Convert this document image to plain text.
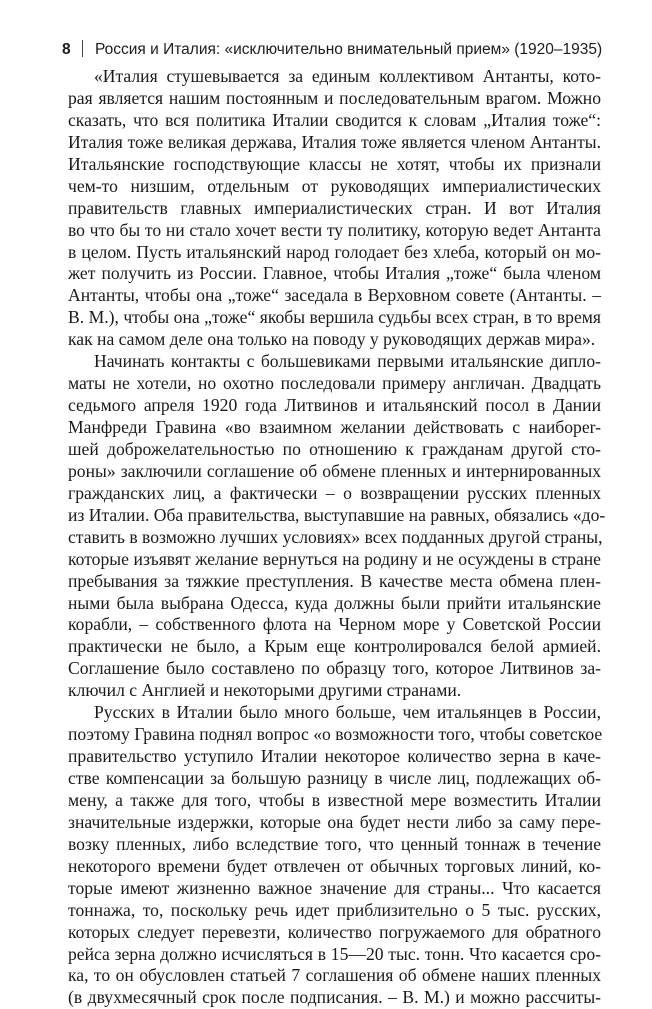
8 Россия и Италия: «исключительно внимательный прием» (1920–1935)
«Италия стушевывается за единым коллективом Антанты, кото-
рая является нашим постоянным и последовательным врагом. Можно
сказать, что вся политика Италии сводится к словам „Италия тоже“:
Италия тоже великая держава, Италия тоже является членом Антанты.
Итальянские господствующие классы не хотят, чтобы их признали
чем-то низшим, отдельным от руководящих империалистических
правительств главных империалистических стран. И вот Италия
во что бы то ни стало хочет вести ту политику, которую ведет Антанта
в целом. Пусть итальянский народ голодает без хлеба, который он мо-
жет получить из России. Главное, чтобы Италия „тоже“ была членом
Антанты, чтобы она „тоже“ заседала в Верховном совете (Антанты. –
В. М.), чтобы она „тоже“ якобы вершила судьбы всех стран, в то время
как на самом деле она только на поводу у руководящих держав мира».
Начинать контакты с большевиками первыми итальянские дипло-
маты не хотели, но охотно последовали примеру англичан. Двадцать
седьмого апреля 1920 года Литвинов и итальянский посол в Дании
Манфреди Гравина «во взаимном желании действовать с наибоper-
шей доброжелательностью по отношению к гражданам другой сто-
роны» заключили соглашение об обмене пленных и интернированных
гражданских лиц, а фактически – о возвращении русских пленных
из Италии. Оба правительства, выступавшие на равных, обязались «до-
ставить в возможно лучших условиях» всех подданных другой страны,
которые изъявят желание вернуться на родину и не осуждены в стране
пребывания за тяжкие преступления. В качестве места обмена плен-
ными была выбрана Одесса, куда должны были прийти итальянские
корабли, – собственного флота на Черном море у Советской России
практически не было, а Крым еще контролировался белой армией.
Соглашение было составлено по образцу того, которое Литвинов за-
ключил с Англией и некоторыми другими странами.
Русских в Италии было много больше, чем итальянцев в России,
поэтому Гравина поднял вопрос «о возможности того, чтобы советское
правительство уступило Италии некоторое количество зерна в каче-
стве компенсации за большую разницу в числе лиц, подлежащих об-
мену, а также для того, чтобы в известной мере возместить Италии
значительные издержки, которые она будет нести либо за саму пере-
возку пленных, либо вследствие того, что ценный тоннаж в течение
некоторого времени будет отвлечен от обычных торговых линий, ко-
торые имеют жизненно важное значение для страны... Что касается
тоннажа, то, поскольку речь идет приблизительно о 5 тыс. русских,
которых следует перевезти, количество погружаемого для обратного
рейса зерна должно исчисляться в 15—20 тыс. тонн. Что касается сро-
ка, то он обусловлен статьей 7 соглашения об обмене наших пленных
(в двухмесячный срок после подписания. – В. М.) и можно рассчиты-
